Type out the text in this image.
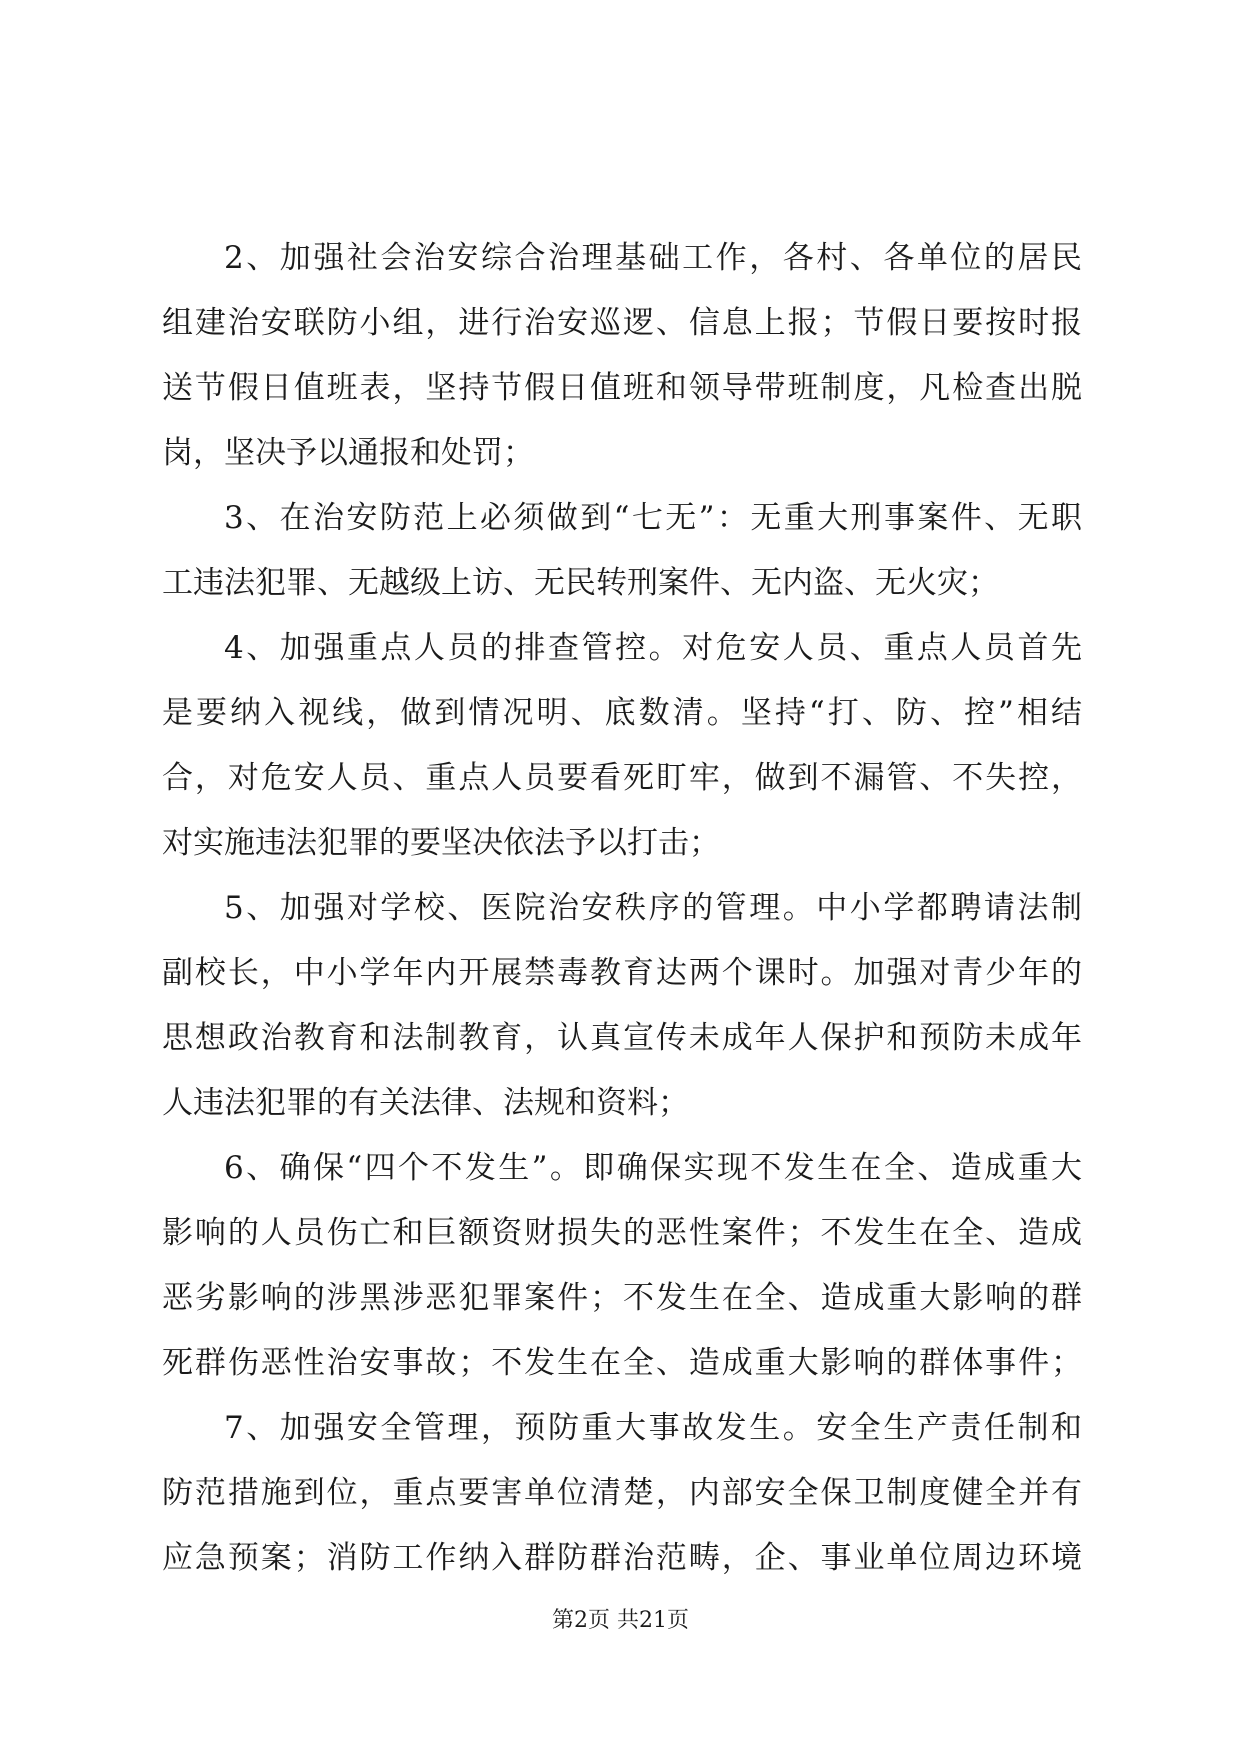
2、加强社会治安综合治理基础工作，各村、各单位的居民
组建治安联防小组，进行治安巡逻、信息上报；节假日要按时报
送节假日值班表，坚持节假日值班和领导带班制度，凡检查出脱
岗，坚决予以通报和处罚；
3、在治安防范上必须做到“七无”：无重大刑事案件、无职
工违法犯罪、无越级上访、无民转刑案件、无内盗、无火灾；
4、加强重点人员的排查管控。对危安人员、重点人员首先
是要纳入视线，做到情况明、底数清。坚持“打、防、控”相结
合，对危安人员、重点人员要看死盯牢，做到不漏管、不失控，
对实施违法犯罪的要坚决依法予以打击；
5、加强对学校、医院治安秩序的管理。中小学都聘请法制
副校长，中小学年内开展禁毒教育达两个课时。加强对青少年的
思想政治教育和法制教育，认真宣传未成年人保护和预防未成年
人违法犯罪的有关法律、法规和资料；
6、确保“四个不发生”。即确保实现不发生在全、造成重大
影响的人员伤亡和巨额资财损失的恶性案件；不发生在全、造成
恶劣影响的涉黑涉恶犯罪案件；不发生在全、造成重大影响的群
死群伤恶性治安事故；不发生在全、造成重大影响的群体事件；
7、加强安全管理，预防重大事故发生。安全生产责任制和
防范措施到位，重点要害单位清楚，内部安全保卫制度健全并有
应急预案；消防工作纳入群防群治范畴，企、事业单位周边环境
第2页 共21页
